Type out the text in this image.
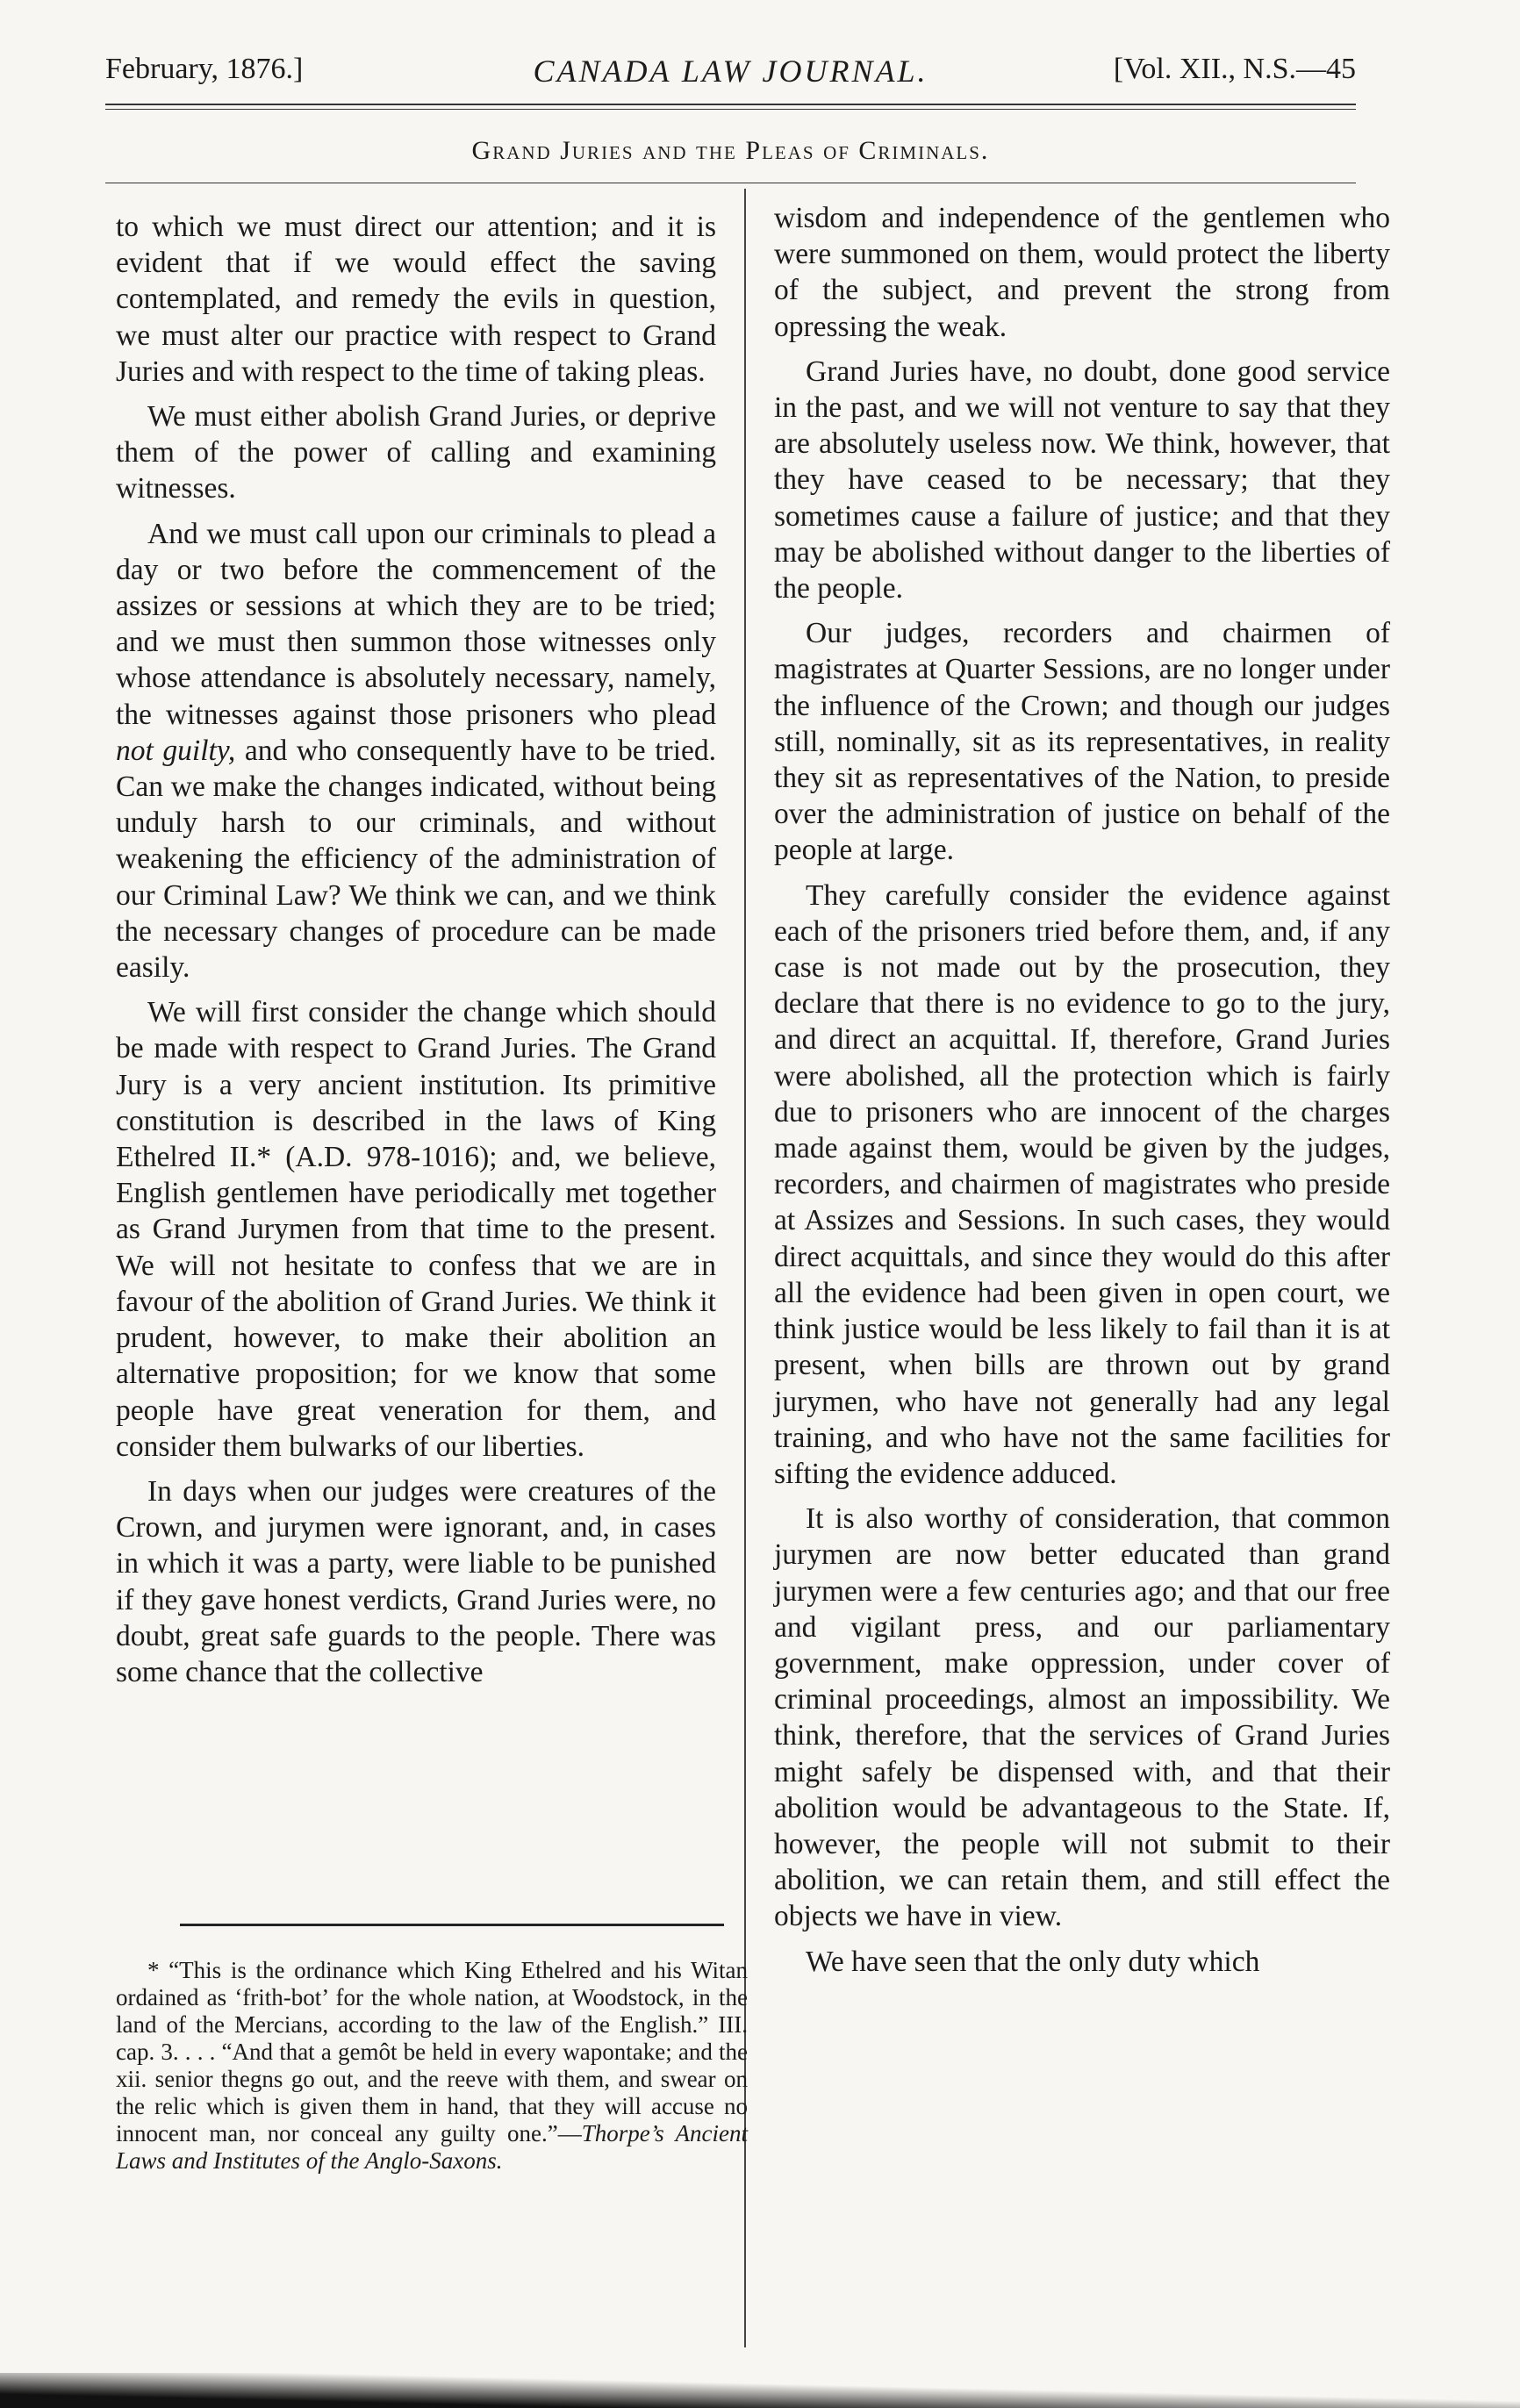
February, 1876.]	CANADA LAW JOURNAL.	[Vol. XII., N.S.—45
Grand Juries and the Pleas of Criminals.

to which we must direct our attention; and it is evident that if we would effect the saving contemplated, and remedy the evils in question, we must alter our practice with respect to Grand Juries and with respect to the time of taking pleas.

We must either abolish Grand Juries, or deprive them of the power of calling and examining witnesses.

And we must call upon our criminals to plead a day or two before the commencement of the assizes or sessions at which they are to be tried; and we must then summon those witnesses only whose attendance is absolutely necessary, namely, the witnesses against those prisoners who plead not guilty, and who consequently have to be tried. Can we make the changes indicated, without being unduly harsh to our criminals, and without weakening the efficiency of the administration of our Criminal Law? We think we can, and we think the necessary changes of procedure can be made easily.

We will first consider the change which should be made with respect to Grand Juries. The Grand Jury is a very ancient institution. Its primitive constitution is described in the laws of King Ethelred II.* (A.D. 978-1016); and, we believe, English gentlemen have periodically met together as Grand Jurymen from that time to the present. We will not hesitate to confess that we are in favour of the abolition of Grand Juries. We think it prudent, however, to make their abolition an alternative proposition; for we know that some people have great veneration for them, and consider them bulwarks of our liberties.

In days when our judges were creatures of the Crown, and jurymen were ignorant, and, in cases in which it was a party, were liable to be punished if they gave honest verdicts, Grand Juries were, no doubt, great safe guards to the people. There was some chance that the collective

* “This is the ordinance which King Ethelred and his Witan ordained as ‘frith-bot’ for the whole nation, at Woodstock, in the land of the Mercians, according to the law of the English.” III. cap. 3. . . . “And that a gemôt be held in every wapontake; and the xii. senior thegns go out, and the reeve with them, and swear on the relic which is given them in hand, that they will accuse no innocent man, nor conceal any guilty one.”—Thorpe’s Ancient Laws and Institutes of the Anglo-Saxons.

wisdom and independence of the gentlemen who were summoned on them, would protect the liberty of the subject, and prevent the strong from opressing the weak.

Grand Juries have, no doubt, done good service in the past, and we will not venture to say that they are absolutely useless now. We think, however, that they have ceased to be necessary; that they sometimes cause a failure of justice; and that they may be abolished without danger to the liberties of the people.

Our judges, recorders and chairmen of magistrates at Quarter Sessions, are no longer under the influence of the Crown; and though our judges still, nominally, sit as its representatives, in reality they sit as representatives of the Nation, to preside over the administration of justice on behalf of the people at large.

They carefully consider the evidence against each of the prisoners tried before them, and, if any case is not made out by the prosecution, they declare that there is no evidence to go to the jury, and direct an acquittal. If, therefore, Grand Juries were abolished, all the protection which is fairly due to prisoners who are innocent of the charges made against them, would be given by the judges, recorders, and chairmen of magistrates who preside at Assizes and Sessions. In such cases, they would direct acquittals, and since they would do this after all the evidence had been given in open court, we think justice would be less likely to fail than it is at present, when bills are thrown out by grand jurymen, who have not generally had any legal training, and who have not the same facilities for sifting the evidence adduced.

It is also worthy of consideration, that common jurymen are now better educated than grand jurymen were a few centuries ago; and that our free and vigilant press, and our parliamentary government, make oppression, under cover of criminal proceedings, almost an impossibility. We think, therefore, that the services of Grand Juries might safely be dispensed with, and that their abolition would be advantageous to the State. If, however, the people will not submit to their abolition, we can retain them, and still effect the objects we have in view.

We have seen that the only duty which
